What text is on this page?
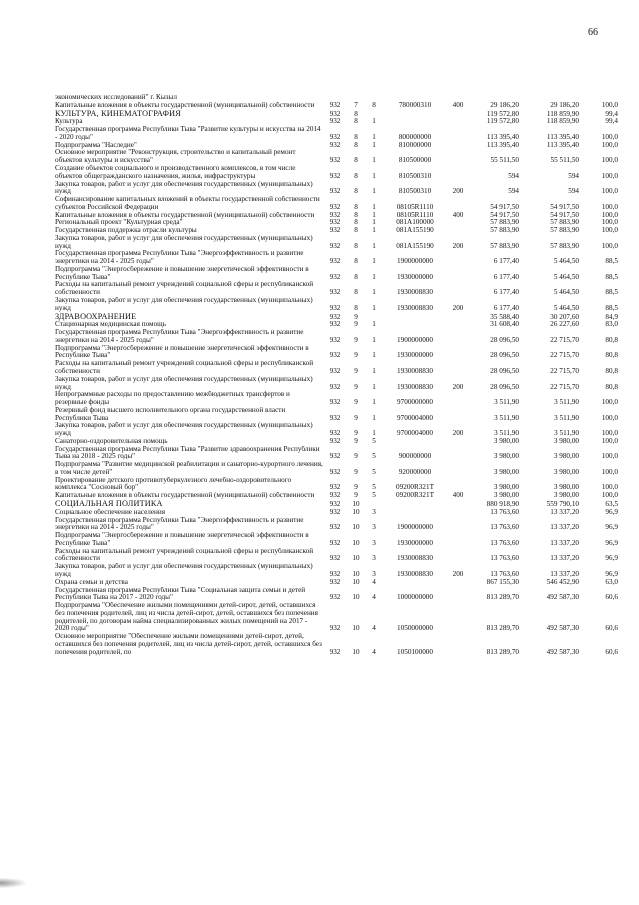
66
экономических исследований" г. Кызыл								
Капитальные вложения в объекты государственной (муниципальной) собственности	932	7	8	780000310	400	29 186,20	29 186,20	100,0
КУЛЬТУРА, КИНЕМАТОГРАФИЯ	932	8				119 572,80	118 859,90	99,4
Культура	932	8	1			119 572,80	118 859,90	99,4
Государственная программа Республики Тыва "Развитие культуры и искусства на 2014 - 2020 годы"	932	8	1	800000000		113 395,40	113 395,40	100,0
Подпрограмма "Наследие"	932	8	1	810000000		113 395,40	113 395,40	100,0
Основное мероприятие "Реконструкция, строительство и капитальный ремонт объектов культуры и искусства"	932	8	1	810500000		55 511,50	55 511,50	100,0
Создание объектов социального и производственного комплексов, в том числе объектов общегражданского назначения, жилья, инфраструктуры	932	8	1	810500310		594	594	100,0
Закупка товаров, работ и услуг для обеспечения государственных (муниципальных) нужд	932	8	1	810500310	200	594	594	100,0
Софинансирование капитальных вложений в объекты государственной собственности субъектов Российской Федерации	932	8	1	08105R1110		54 917,50	54 917,50	100,0
Капитальные вложения в объекты государственной (муниципальной) собственности	932	8	1	08105R1110	400	54 917,50	54 917,50	100,0
Региональный проект "Культурная среда"	932	8	1	081A100000		57 883,90	57 883,90	100,0
Государственная поддержка отрасли культуры	932	8	1	081A155190		57 883,90	57 883,90	100,0
Закупка товаров, работ и услуг для обеспечения государственных (муниципальных) нужд	932	8	1	081A155190	200	57 883,90	57 883,90	100,0
Государственная программа Республики Тыва "Энергоэффективность и развитие энергетики на 2014 - 2025 годы"	932	8	1	1900000000		6 177,40	5 464,50	88,5
Подпрограмма "Энергосбережение и повышение энергетической эффективности в Республике Тыва"	932	8	1	1930000000		6 177,40	5 464,50	88,5
Расходы на капитальный ремонт учреждений социальной сферы и республиканской собственности	932	8	1	1930008830		6 177,40	5 464,50	88,5
Закупка товаров, работ и услуг для обеспечения государственных (муниципальных) нужд	932	8	1	1930008830	200	6 177,40	5 464,50	88,5
ЗДРАВООХРАНЕНИЕ	932	9				35 588,40	30 207,60	84,9
Стационарная медицинская помощь	932	9	1			31 608,40	26 227,60	83,0
Государственная программа Республики Тыва "Энергоэффективность и развитие энергетики на 2014 - 2025 годы"	932	9	1	1900000000		28 096,50	22 715,70	80,8
Подпрограмма "Энергосбережение и повышение энергетической эффективности в Республике Тыва"	932	9	1	1930000000		28 096,50	22 715,70	80,8
Расходы на капитальный ремонт учреждений социальной сферы и республиканской собственности	932	9	1	1930008830		28 096,50	22 715,70	80,8
Закупка товаров, работ и услуг для обеспечения государственных (муниципальных) нужд	932	9	1	1930008830	200	28 096,50	22 715,70	80,8
Непрограммные расходы по предоставлению межбюджетных трансфертов и резервные фонды	932	9	1	9700000000		3 511,90	3 511,90	100,0
Резервный фонд высшего исполнительного органа государственной власти Республики Тыва	932	9	1	9700004000		3 511,90	3 511,90	100,0
Закупка товаров, работ и услуг для обеспечения государственных (муниципальных) нужд	932	9	1	9700004000	200	3 511,90	3 511,90	100,0
Санаторно-оздоровительная помощь	932	9	5			3 980,00	3 980,00	100,0
Государственная программа Республики Тыва "Развитие здравоохранения Республики Тыва на 2018 - 2025 годы"	932	9	5	900000000		3 980,00	3 980,00	100,0
Подпрограмма "Развитие медицинской реабилитации и санаторно-курортного лечения, в том числе детей"	932	9	5	920000000		3 980,00	3 980,00	100,0
Проектирование детского противотуберкулезного лечебно-оздоровительного комплекса "Сосновый бор"	932	9	5	09200R321T		3 980,00	3 980,00	100,0
Капитальные вложения в объекты государственной (муниципальной) собственности	932	9	5	09200R321T	400	3 980,00	3 980,00	100,0
СОЦИАЛЬНАЯ ПОЛИТИКА	932	10				880 918,90	559 790,10	63,5
Социальное обеспечение населения	932	10	3			13 763,60	13 337,20	96,9
Государственная программа Республики Тыва "Энергоэффективность и развитие энергетики на 2014 - 2025 годы"	932	10	3	1900000000		13 763,60	13 337,20	96,9
Подпрограмма "Энергосбережение и повышение энергетической эффективности в Республике Тыва"	932	10	3	1930000000		13 763,60	13 337,20	96,9
Расходы на капитальный ремонт учреждений социальной сферы и республиканской собственности	932	10	3	1930008830		13 763,60	13 337,20	96,9
Закупка товаров, работ и услуг для обеспечения государственных (муниципальных) нужд	932	10	3	1930008830	200	13 763,60	13 337,20	96,9
Охрана семьи и детства	932	10	4			867 155,30	546 452,90	63,0
Государственная программа Республики Тыва "Социальная защита семьи и детей Республики Тыва на 2017 - 2020 годы"	932	10	4	1000000000		813 289,70	492 587,30	60,6
Подпрограмма "Обеспечение жилыми помещениями детей-сирот, детей, оставшихся без попечения родителей, лиц из числа детей-сирот, детей, оставшихся без попечения родителей, по договорам найма специализированных жилых помещений на 2017 - 2020 годы"	932	10	4	1050000000		813 289,70	492 587,30	60,6
Основное мероприятие "Обеспечение жилыми помещениями детей-сирот, детей, оставшихся без попечения родителей, лиц из числа детей-сирот, детей, оставшихся без попечения родителей, по	932	10	4	1050100000		813 289,70	492 587,30	60,6
